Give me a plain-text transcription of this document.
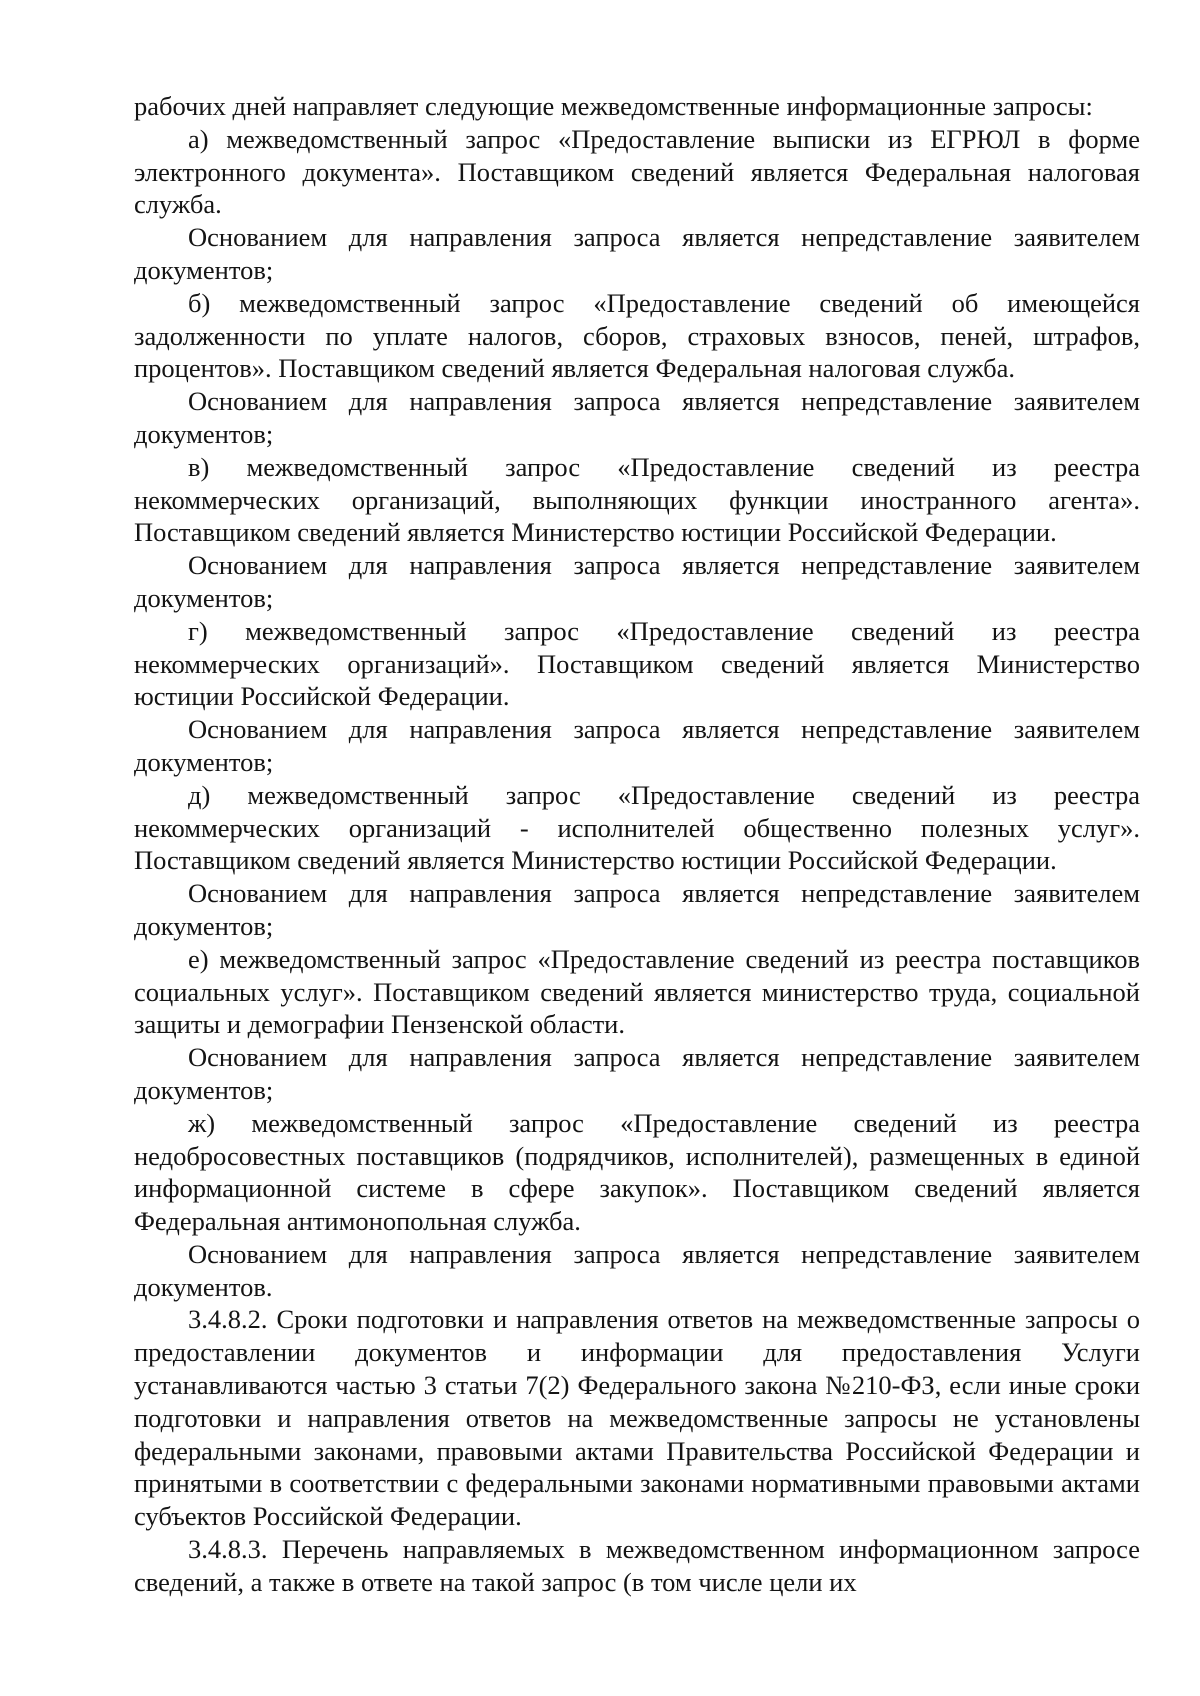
рабочих дней направляет следующие межведомственные информационные запросы:

а) межведомственный запрос «Предоставление выписки из ЕГРЮЛ в форме электронного документа». Поставщиком сведений является Федеральная налоговая служба.

Основанием для направления запроса является непредставление заявителем документов;

б) межведомственный запрос «Предоставление сведений об имеющейся задолженности по уплате налогов, сборов, страховых взносов, пеней, штрафов, процентов». Поставщиком сведений является Федеральная налоговая служба.

Основанием для направления запроса является непредставление заявителем документов;

в) межведомственный запрос «Предоставление сведений из реестра некоммерческих организаций, выполняющих функции иностранного агента». Поставщиком сведений является Министерство юстиции Российской Федерации.

Основанием для направления запроса является непредставление заявителем документов;

г) межведомственный запрос «Предоставление сведений из реестра некоммерческих организаций». Поставщиком сведений является Министерство юстиции Российской Федерации.

Основанием для направления запроса является непредставление заявителем документов;

д) межведомственный запрос «Предоставление сведений из реестра некоммерческих организаций - исполнителей общественно полезных услуг». Поставщиком сведений является Министерство юстиции Российской Федерации.

Основанием для направления запроса является непредставление заявителем документов;

е) межведомственный запрос «Предоставление сведений из реестра поставщиков социальных услуг». Поставщиком сведений является министерство труда, социальной защиты и демографии Пензенской области.

Основанием для направления запроса является непредставление заявителем документов;

ж) межведомственный запрос «Предоставление сведений из реестра недобросовестных поставщиков (подрядчиков, исполнителей), размещенных в единой информационной системе в сфере закупок». Поставщиком сведений является Федеральная антимонопольная служба.

Основанием для направления запроса является непредставление заявителем документов.

3.4.8.2. Сроки подготовки и направления ответов на межведомственные запросы о предоставлении документов и информации для предоставления Услуги устанавливаются частью 3 статьи 7(2) Федерального закона №210-ФЗ, если иные сроки подготовки и направления ответов на межведомственные запросы не установлены федеральными законами, правовыми актами Правительства Российской Федерации и принятыми в соответствии с федеральными законами нормативными правовыми актами субъектов Российской Федерации.

3.4.8.3. Перечень направляемых в межведомственном информационном запросе сведений, а также в ответе на такой запрос (в том числе цели их
